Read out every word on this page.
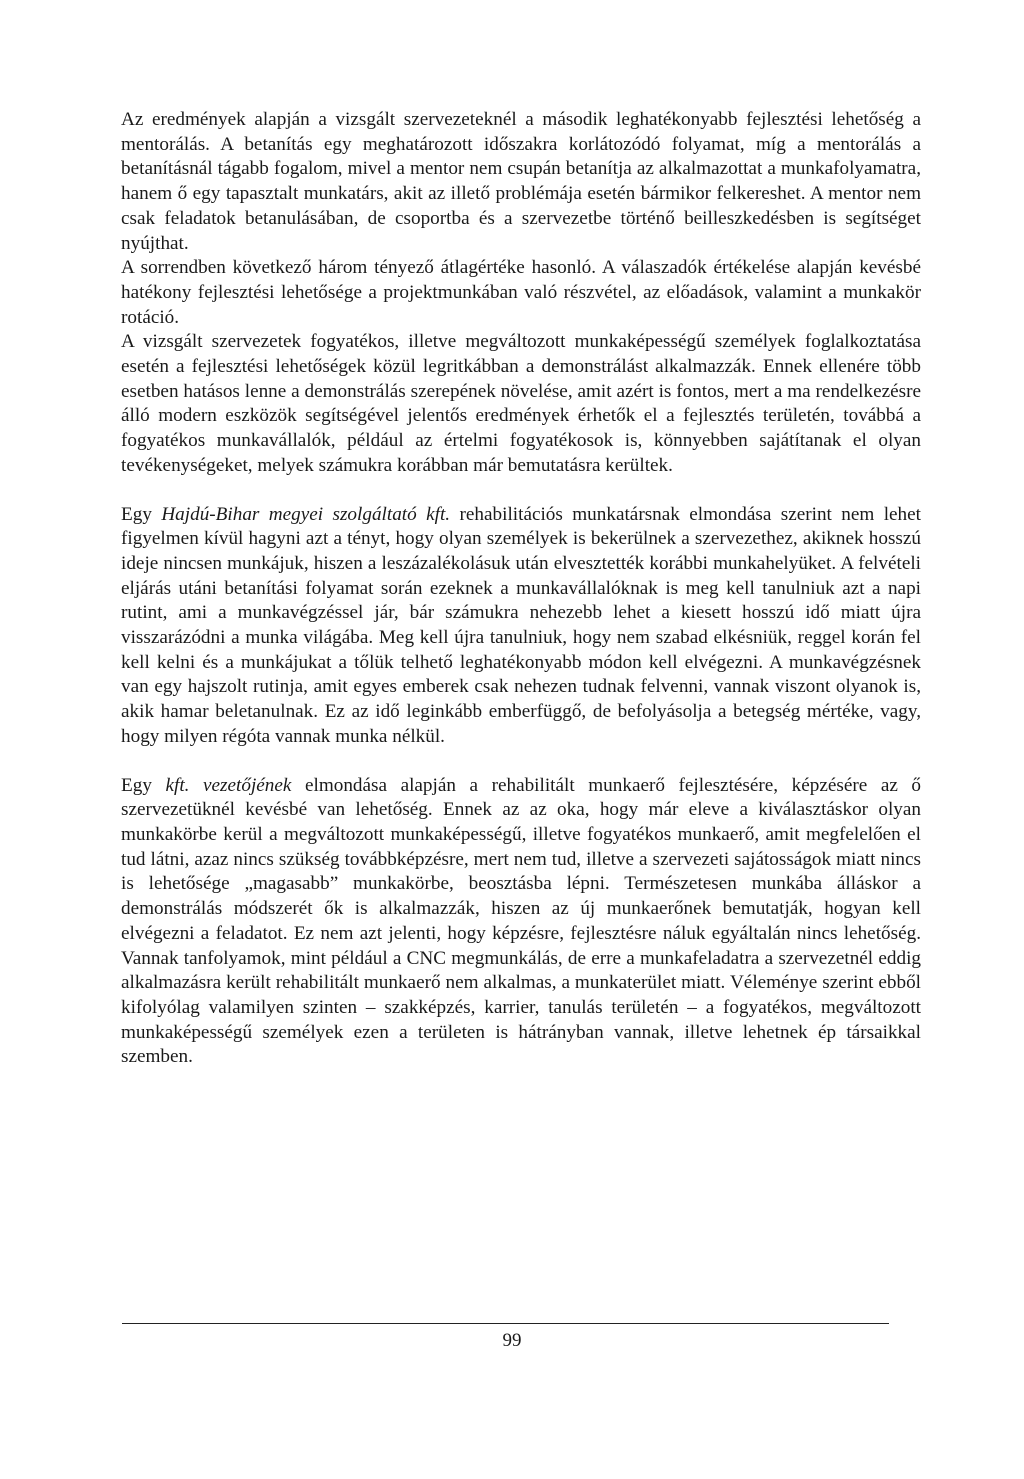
Az eredmények alapján a vizsgált szervezeteknél a második leghatékonyabb fejlesztési lehetőség a mentorálás. A betanítás egy meghatározott időszakra korlátozódó folyamat, míg a mentorálás a betanításnál tágabb fogalom, mivel a mentor nem csupán betanítja az alkalmazottat a munkafolyamatra, hanem ő egy tapasztalt munkatárs, akit az illető problémája esetén bármikor felkereshet. A mentor nem csak feladatok betanulásában, de csoportba és a szervezetbe történő beilleszkedésben is segítséget nyújthat.

A sorrendben következő három tényező átlagértéke hasonló. A válaszadók értékelése alapján kevésbé hatékony fejlesztési lehetősége a projektmunkában való részvétel, az előadások, valamint a munkakör rotáció.

A vizsgált szervezetek fogyatékos, illetve megváltozott munkaképességű személyek foglalkoztatása esetén a fejlesztési lehetőségek közül legritkábban a demonstrálást alkalmazzák. Ennek ellenére több esetben hatásos lenne a demonstrálás szerepének növelése, amit azért is fontos, mert a ma rendelkezésre álló modern eszközök segítségével jelentős eredmények érhetők el a fejlesztés területén, továbbá a fogyatékos munkavállalók, például az értelmi fogyatékosok is, könnyebben sajátítanak el olyan tevékenységeket, melyek számukra korábban már bemutatásra kerültek.

Egy Hajdú-Bihar megyei szolgáltató kft. rehabilitációs munkatársnak elmondása szerint nem lehet figyelmen kívül hagyni azt a tényt, hogy olyan személyek is bekerülnek a szervezethez, akiknek hosszú ideje nincsen munkájuk, hiszen a leszázalékolásuk után elvesztették korábbi munkahelyüket. A felvételi eljárás utáni betanítási folyamat során ezeknek a munkavállalóknak is meg kell tanulniuk azt a napi rutint, ami a munkavégzéssel jár, bár számukra nehezebb lehet a kiesett hosszú idő miatt újra visszarázódni a munka világába. Meg kell újra tanulniuk, hogy nem szabad elkésniük, reggel korán fel kell kelni és a munkájukat a tőlük telhető leghatékonyabb módon kell elvégezni. A munkavégzésnek van egy hajszolt rutinja, amit egyes emberek csak nehezen tudnak felvenni, vannak viszont olyanok is, akik hamar beletanulnak. Ez az idő leginkább emberfüggő, de befolyásolja a betegség mértéke, vagy, hogy milyen régóta vannak munka nélkül.

Egy kft. vezetőjének elmondása alapján a rehabilitált munkaerő fejlesztésére, képzésére az ő szervezetüknél kevésbé van lehetőség. Ennek az az oka, hogy már eleve a kiválasztáskor olyan munkakörbe kerül a megváltozott munkaképességű, illetve fogyatékos munkaerő, amit megfelelően el tud látni, azaz nincs szükség továbbképzésre, mert nem tud, illetve a szervezeti sajátosságok miatt nincs is lehetősége „magasabb” munkakörbe, beosztásba lépni. Természetesen munkába álláskor a demonstrálás módszerét ők is alkalmazzák, hiszen az új munkaerőnek bemutatják, hogyan kell elvégezni a feladatot. Ez nem azt jelenti, hogy képzésre, fejlesztésre náluk egyáltalán nincs lehetőség. Vannak tanfolyamok, mint például a CNC megmunkálás, de erre a munkafeladatra a szervezetnél eddig alkalmazásra került rehabilitált munkaerő nem alkalmas, a munkaterület miatt. Véleménye szerint ebből kifolyólag valamilyen szinten – szakképzés, karrier, tanulás területén – a fogyatékos, megváltozott munkaképességű személyek ezen a területen is hátrányban vannak, illetve lehetnek ép társaikkal szemben.

99
